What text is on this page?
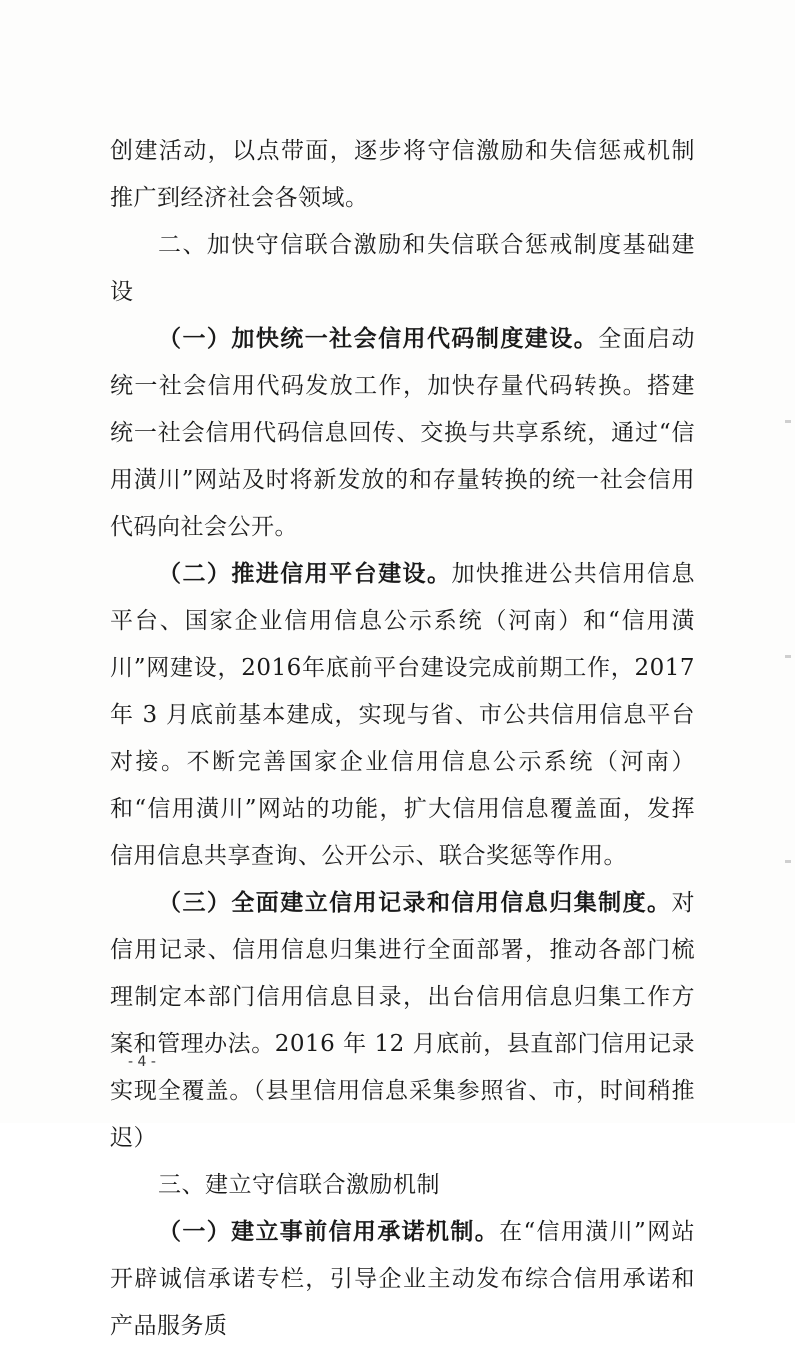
创建活动，以点带面，逐步将守信激励和失信惩戒机制推广到经济社会各领域。

二、加快守信联合激励和失信联合惩戒制度基础建设

（一）加快统一社会信用代码制度建设。全面启动统一社会信用代码发放工作，加快存量代码转换。搭建统一社会信用代码信息回传、交换与共享系统，通过“信用潢川”网站及时将新发放的和存量转换的统一社会信用代码向社会公开。

（二）推进信用平台建设。加快推进公共信用信息平台、国家企业信用信息公示系统（河南）和“信用潢川”网建设，2016年底前平台建设完成前期工作，2017 年 3 月底前基本建成，实现与省、市公共信用信息平台对接。不断完善国家企业信用信息公示系统（河南）和“信用潢川”网站的功能，扩大信用信息覆盖面，发挥信用信息共享查询、公开公示、联合奖惩等作用。

（三）全面建立信用记录和信用信息归集制度。对信用记录、信用信息归集进行全面部署，推动各部门梳理制定本部门信用信息目录，出台信用信息归集工作方案和管理办法。2016 年 12 月底前，县直部门信用记录实现全覆盖。（县里信用信息采集参照省、市，时间稍推迟）

三、建立守信联合激励机制

（一）建立事前信用承诺机制。在“信用潢川”网站开辟诚信承诺专栏，引导企业主动发布综合信用承诺和产品服务质

- 4 -
